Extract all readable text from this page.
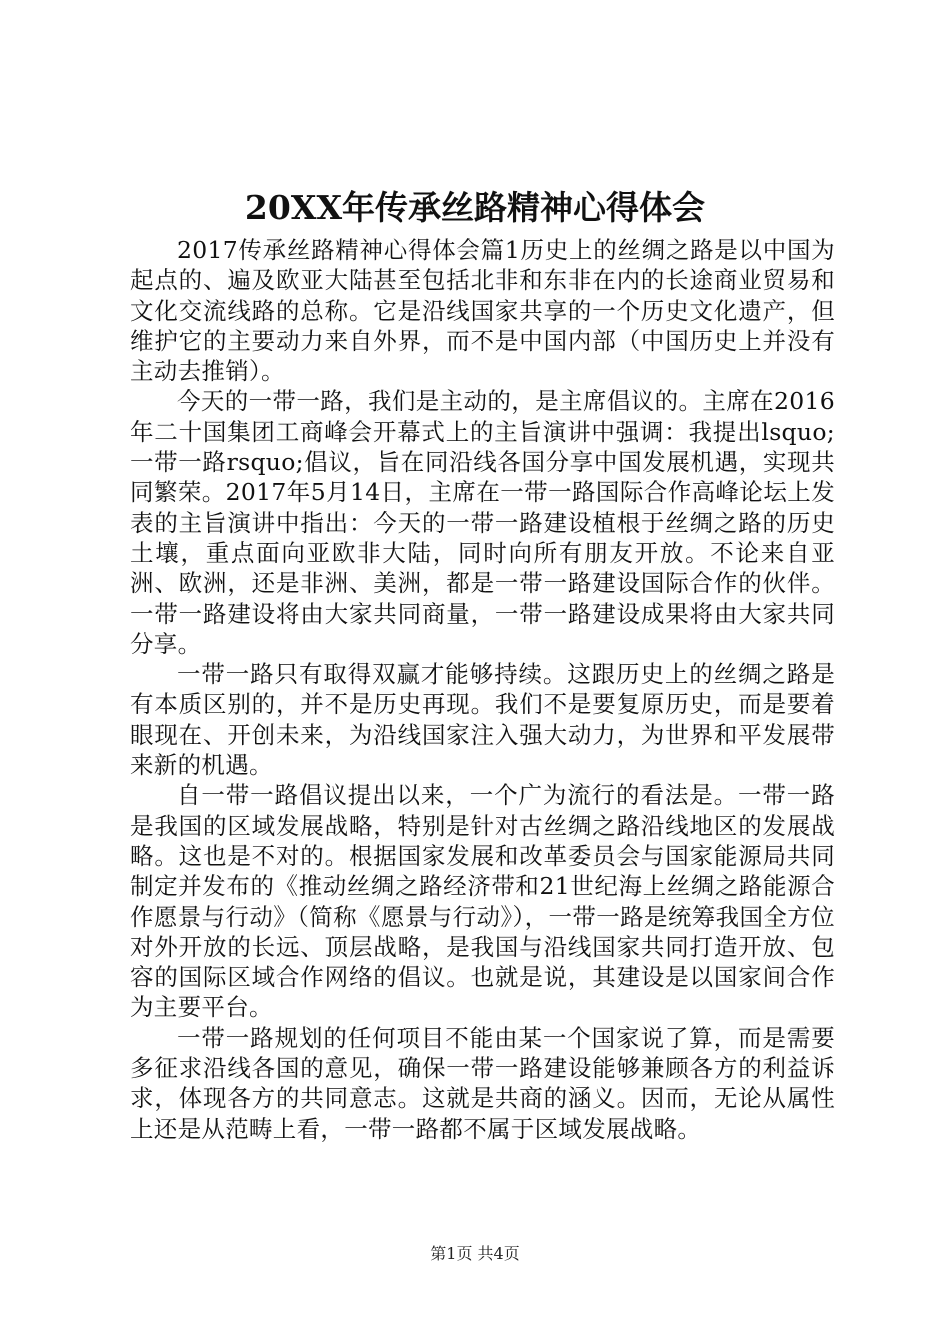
20XX年传承丝路精神心得体会

2017传承丝路精神心得体会篇1历史上的丝绸之路是以中国为起点的、遍及欧亚大陆甚至包括北非和东非在内的长途商业贸易和文化交流线路的总称。它是沿线国家共享的一个历史文化遗产，但维护它的主要动力来自外界，而不是中国内部（中国历史上并没有主动去推销）。

今天的一带一路，我们是主动的，是主席倡议的。主席在2016年二十国集团工商峰会开幕式上的主旨演讲中强调：我提出lsquo;一带一路rsquo;倡议，旨在同沿线各国分享中国发展机遇，实现共同繁荣。2017年5月14日，主席在一带一路国际合作高峰论坛上发表的主旨演讲中指出：今天的一带一路建设植根于丝绸之路的历史土壤，重点面向亚欧非大陆，同时向所有朋友开放。不论来自亚洲、欧洲，还是非洲、美洲，都是一带一路建设国际合作的伙伴。一带一路建设将由大家共同商量，一带一路建设成果将由大家共同分享。

一带一路只有取得双赢才能够持续。这跟历史上的丝绸之路是有本质区别的，并不是历史再现。我们不是要复原历史，而是要着眼现在、开创未来，为沿线国家注入强大动力，为世界和平发展带来新的机遇。

自一带一路倡议提出以来，一个广为流行的看法是。一带一路是我国的区域发展战略，特别是针对古丝绸之路沿线地区的发展战略。这也是不对的。根据国家发展和改革委员会与国家能源局共同制定并发布的《推动丝绸之路经济带和21世纪海上丝绸之路能源合作愿景与行动》（简称《愿景与行动》），一带一路是统筹我国全方位对外开放的长远、顶层战略，是我国与沿线国家共同打造开放、包容的国际区域合作网络的倡议。也就是说，其建设是以国家间合作为主要平台。

一带一路规划的任何项目不能由某一个国家说了算，而是需要多征求沿线各国的意见，确保一带一路建设能够兼顾各方的利益诉求，体现各方的共同意志。这就是共商的涵义。因而，无论从属性上还是从范畴上看，一带一路都不属于区域发展战略。

第1页 共4页
